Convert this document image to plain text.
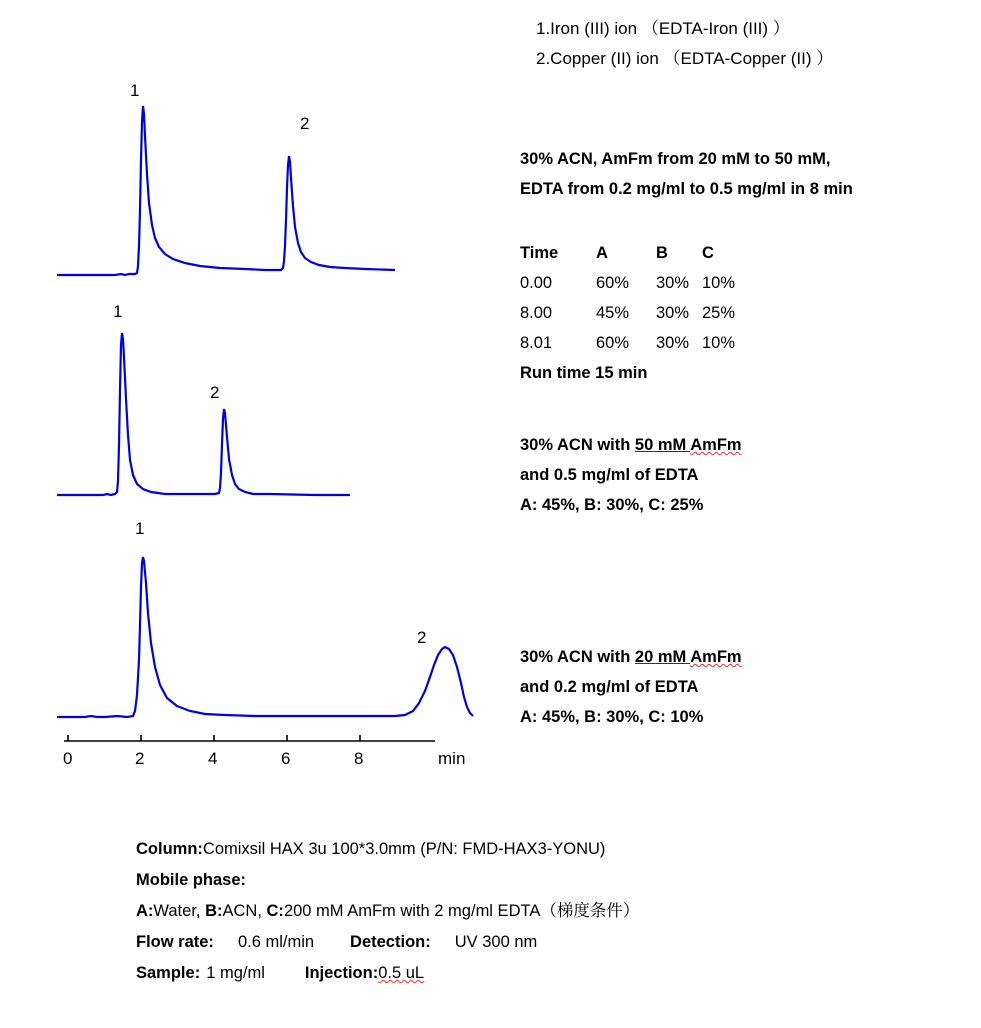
1.Iron (III) ion （EDTA-Iron (III) ）
2.Copper (II) ion （EDTA-Copper (II) ）
30% ACN, AmFm from 20 mM to 50 mM,
EDTA from 0.2 mg/ml to 0.5 mg/ml in 8 min
Time	A	B	C
0.00	60%	30%	10%
8.00	45%	30%	25%
8.01	60%	30%	10%
Run time 15 min
30% ACN with 50 mM AmFm
and 0.5 mg/ml of EDTA
A: 45%, B: 30%, C: 25%
30% ACN with 20 mM AmFm
and 0.2 mg/ml of EDTA
A: 45%, B: 30%, C: 10%
1
2
1
2
1
2
0	2	4	6	8	min
Column:Comixsil HAX 3u 100*3.0mm (P/N: FMD-HAX3-YONU)
Mobile phase:
A:Water, B:ACN, C:200 mM AmFm with 2 mg/ml EDTA（梯度条件）
Flow rate: 0.6 ml/min Detection: UV 300 nm
Sample: 1 mg/ml Injection:0.5 uL
